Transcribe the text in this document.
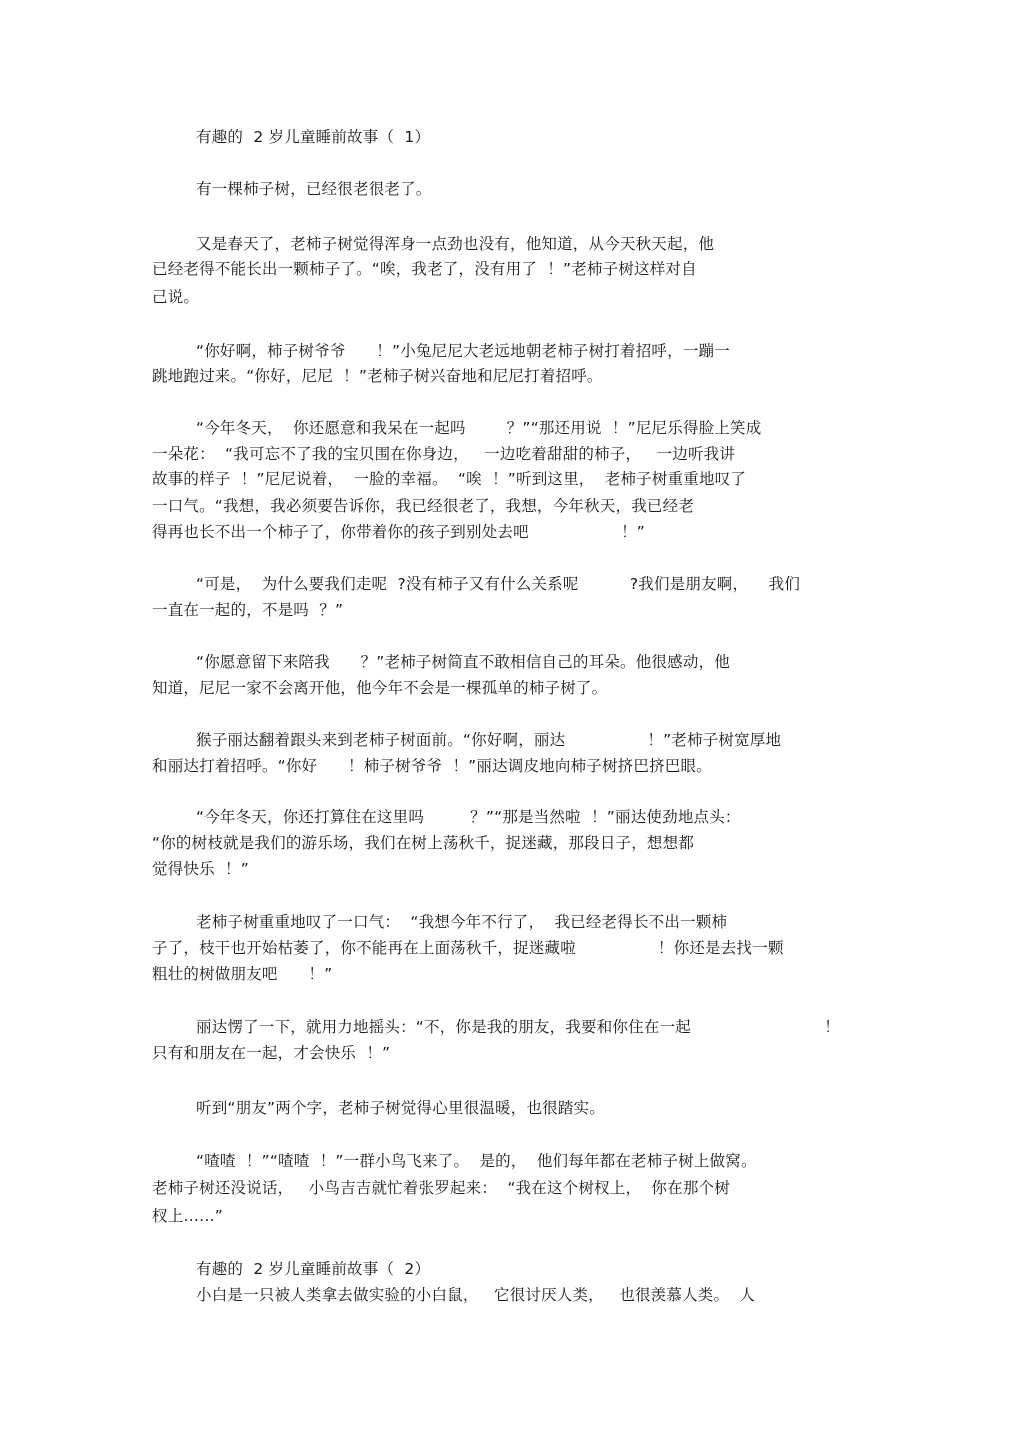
有趣的  2 岁儿童睡前故事（  1）
有一棵柿子树，已经很老很老了。
又是春天了，老柿子树觉得浑身一点劲也没有，他知道，从今天秋天起，他
已经老得不能长出一颗柿子了。“唉，我老了，没有用了  ！”老柿子树这样对自
己说。
“你好啊，柿子树爷爷      ！”小兔尼尼大老远地朝老柿子树打着招呼，一蹦一
跳地跑过来。“你好，尼尼  ！”老柿子树兴奋地和尼尼打着招呼。
“今年冬天，  你还愿意和我呆在一起吗        ？”“那还用说  ！”尼尼乐得脸上笑成
一朵花：  “我可忘不了我的宝贝围在你身边，   一边吃着甜甜的柿子，   一边听我讲
故事的样子  ！”尼尼说着，  一脸的幸福。  “唉  ！”听到这里，  老柿子树重重地叹了
一口气。“我想，我必须要告诉你，我已经很老了，我想，今年秋天，我已经老
得再也长不出一个柿子了，你带着你的孩子到别处去吧                  ！”
“可是，  为什么要我们走呢  ?没有柿子又有什么关系呢          ?我们是朋友啊，    我们
一直在一起的，不是吗  ？”
“你愿意留下来陪我      ？”老柿子树简直不敢相信自己的耳朵。他很感动，他
知道，尼尼一家不会离开他，他今年不会是一棵孤单的柿子树了。
猴子丽达翻着跟头来到老柿子树面前。“你好啊，丽达                ！”老柿子树宽厚地
和丽达打着招呼。“你好      ！柿子树爷爷  ！”丽达调皮地向柿子树挤巴挤巴眼。
“今年冬天，你还打算住在这里吗         ？”“那是当然啦  ！”丽达使劲地点头：
“你的树枝就是我们的游乐场，我们在树上荡秋千，捉迷藏，那段日子，想想都
觉得快乐  ！”
老柿子树重重地叹了一口气：  “我想今年不行了，  我已经老得长不出一颗柿
子了，枝干也开始枯萎了，你不能再在上面荡秋千，捉迷藏啦                ！你还是去找一颗
粗壮的树做朋友吧      ！”
丽达愣了一下，就用力地摇头：“不，你是我的朋友，我要和你住在一起                          ！
只有和朋友在一起，才会快乐  ！”
听到“朋友”两个字，老柿子树觉得心里很温暖，也很踏实。
“喳喳  ！”“喳喳  ！”一群小鸟飞来了。  是的，  他们每年都在老柿子树上做窝。
老柿子树还没说话，   小鸟吉吉就忙着张罗起来：  “我在这个树杈上，  你在那个树
杈上……”
有趣的  2 岁儿童睡前故事（  2）
小白是一只被人类拿去做实验的小白鼠，   它很讨厌人类，   也很羡慕人类。  人
